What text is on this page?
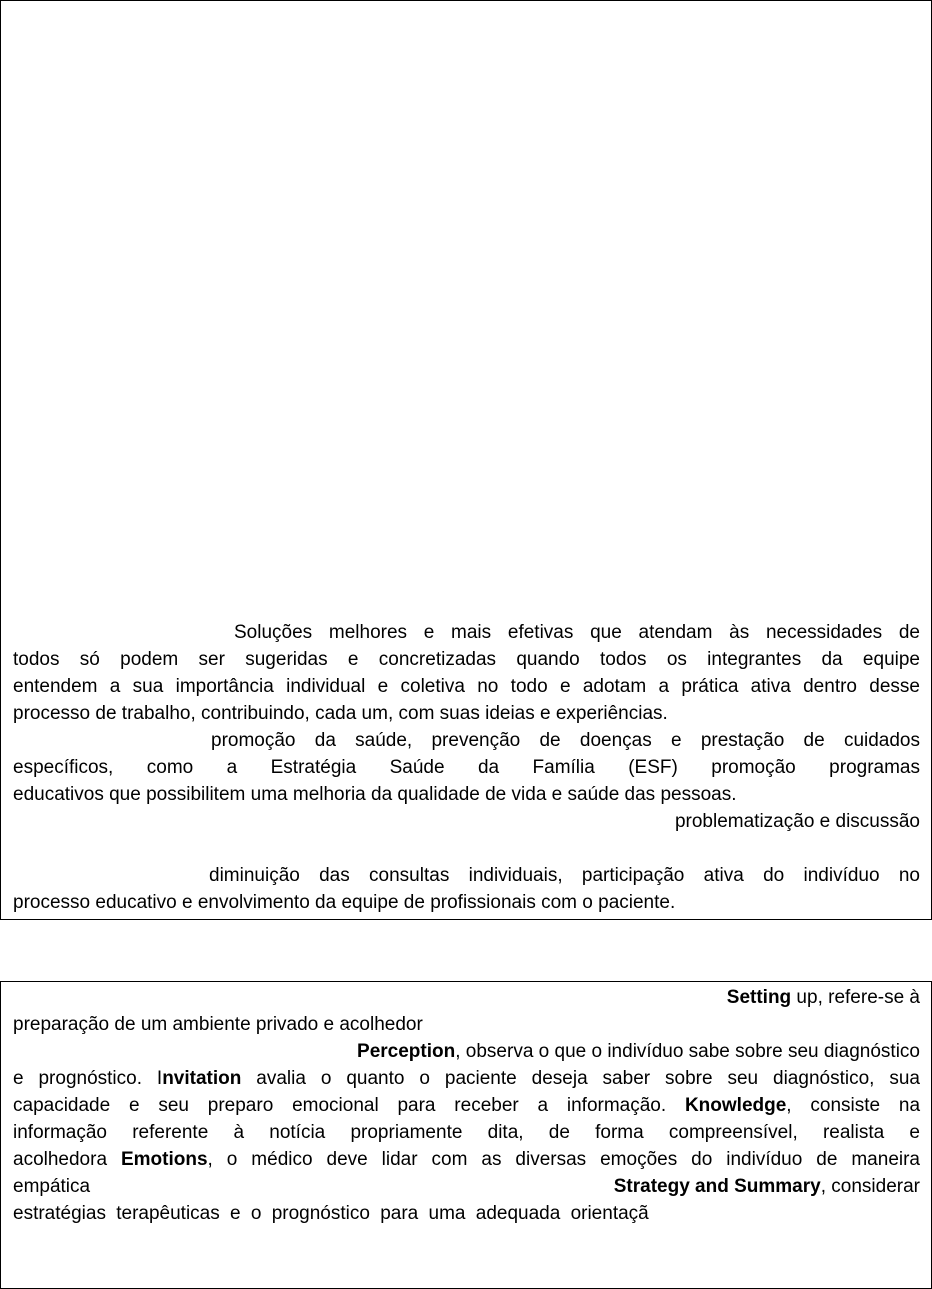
Soluções melhores e mais efetivas que atendam às necessidades de
todos só podem ser sugeridas e concretizadas quando todos os integrantes da equipe
entendem a sua importância individual e coletiva no todo e adotam a prática ativa dentro desse
processo de trabalho, contribuindo, cada um, com suas ideias e experiências.
promoção da saúde, prevenção de doenças e prestação de cuidados
específicos, como a Estratégia Saúde da Família (ESF) promoção programas
educativos que possibilitem uma melhoria da qualidade de vida e saúde das pessoas.
problematização e discussão
diminuição das consultas individuais, participação ativa do indivíduo no
processo educativo e envolvimento da equipe de profissionais com o paciente.
Setting up, refere-se à
preparação de um ambiente privado e acolhedor
Perception, observa o que o indivíduo sabe sobre seu diagnóstico
e prognóstico. Invitation avalia o quanto o paciente deseja saber sobre seu diagnóstico, sua
capacidade e seu preparo emocional para receber a informação. Knowledge, consiste na
informação referente à notícia propriamente dita, de forma compreensível, realista e
acolhedora Emotions, o médico deve lidar com as diversas emoções do indivíduo de maneira
empática	Strategy and Summary, considerar
estratégias terapêuticas e o prognóstico para uma adequada orientaçã
